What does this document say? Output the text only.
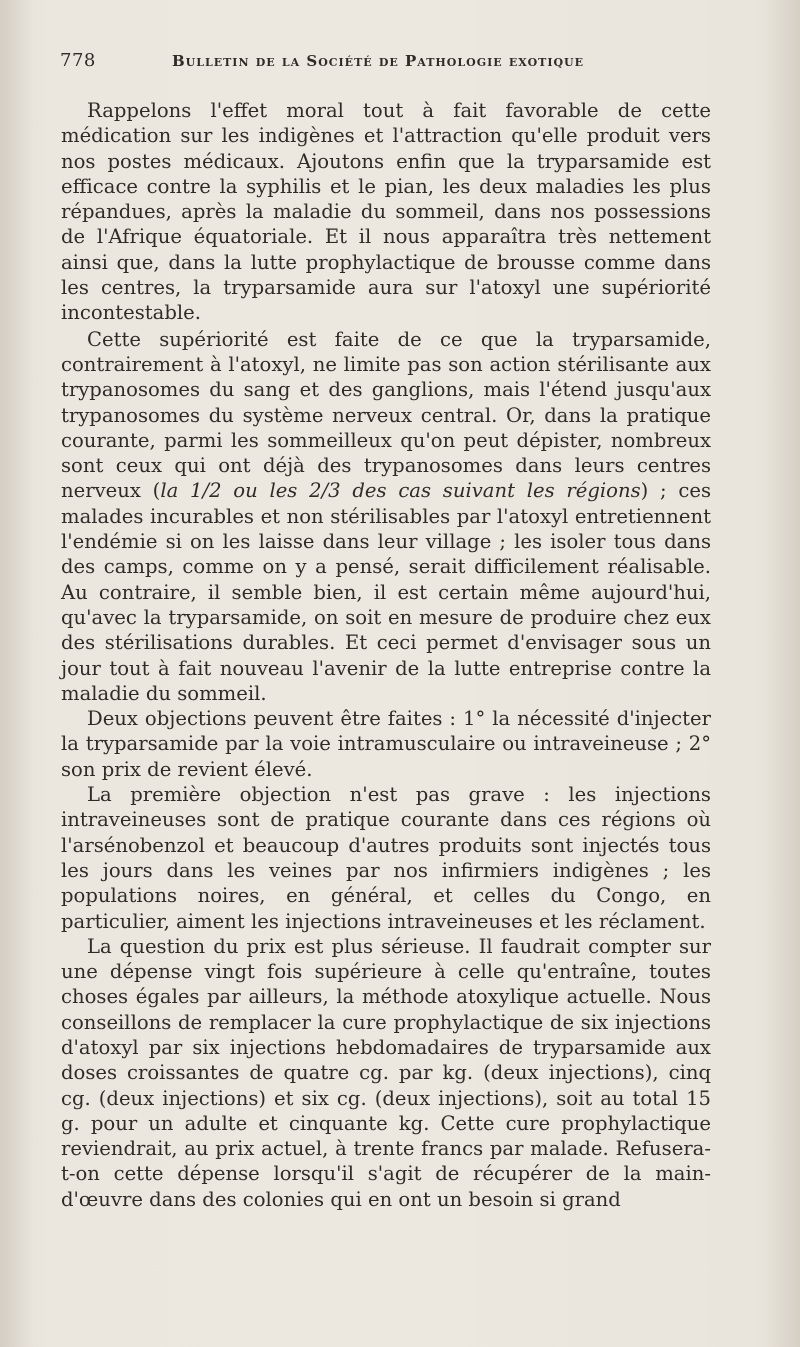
778	Bulletin de la Société de Pathologie exotique

Rappelons l'effet moral tout à fait favorable de cette médication sur les indigènes et l'attraction qu'elle produit vers nos postes médicaux. Ajoutons enfin que la tryparsamide est efficace contre la syphilis et le pian, les deux maladies les plus répandues, après la maladie du sommeil, dans nos possessions de l'Afrique équatoriale. Et il nous apparaîtra très nettement ainsi que, dans la lutte prophylactique de brousse comme dans les centres, la tryparsamide aura sur l'atoxyl une supériorité incontestable.

Cette supériorité est faite de ce que la tryparsamide, contrairement à l'atoxyl, ne limite pas son action stérilisante aux trypanosomes du sang et des ganglions, mais l'étend jusqu'aux trypanosomes du système nerveux central. Or, dans la pratique courante, parmi les sommeilleux qu'on peut dépister, nombreux sont ceux qui ont déjà des trypanosomes dans leurs centres nerveux (la 1/2 ou les 2/3 des cas suivant les régions) ; ces malades incurables et non stérilisables par l'atoxyl entretiennent l'endémie si on les laisse dans leur village ; les isoler tous dans des camps, comme on y a pensé, serait difficilement réalisable. Au contraire, il semble bien, il est certain même aujourd'hui, qu'avec la tryparsamide, on soit en mesure de produire chez eux des stérilisations durables. Et ceci permet d'envisager sous un jour tout à fait nouveau l'avenir de la lutte entreprise contre la maladie du sommeil.

Deux objections peuvent être faites : 1° la nécessité d'injecter la tryparsamide par la voie intramusculaire ou intraveineuse ; 2° son prix de revient élevé.

La première objection n'est pas grave : les injections intraveineuses sont de pratique courante dans ces régions où l'arsénobenzol et beaucoup d'autres produits sont injectés tous les jours dans les veines par nos infirmiers indigènes ; les populations noires, en général, et celles du Congo, en particulier, aiment les injections intraveineuses et les réclament.

La question du prix est plus sérieuse. Il faudrait compter sur une dépense vingt fois supérieure à celle qu'entraîne, toutes choses égales par ailleurs, la méthode atoxylique actuelle. Nous conseillons de remplacer la cure prophylactique de six injections d'atoxyl par six injections hebdomadaires de tryparsamide aux doses croissantes de quatre cg. par kg. (deux injections), cinq cg. (deux injections) et six cg. (deux injections), soit au total 15 g. pour un adulte et cinquante kg. Cette cure prophylactique reviendrait, au prix actuel, à trente francs par malade. Refusera-t-on cette dépense lorsqu'il s'agit de récupérer de la main-d'œuvre dans des colonies qui en ont un besoin si grand
